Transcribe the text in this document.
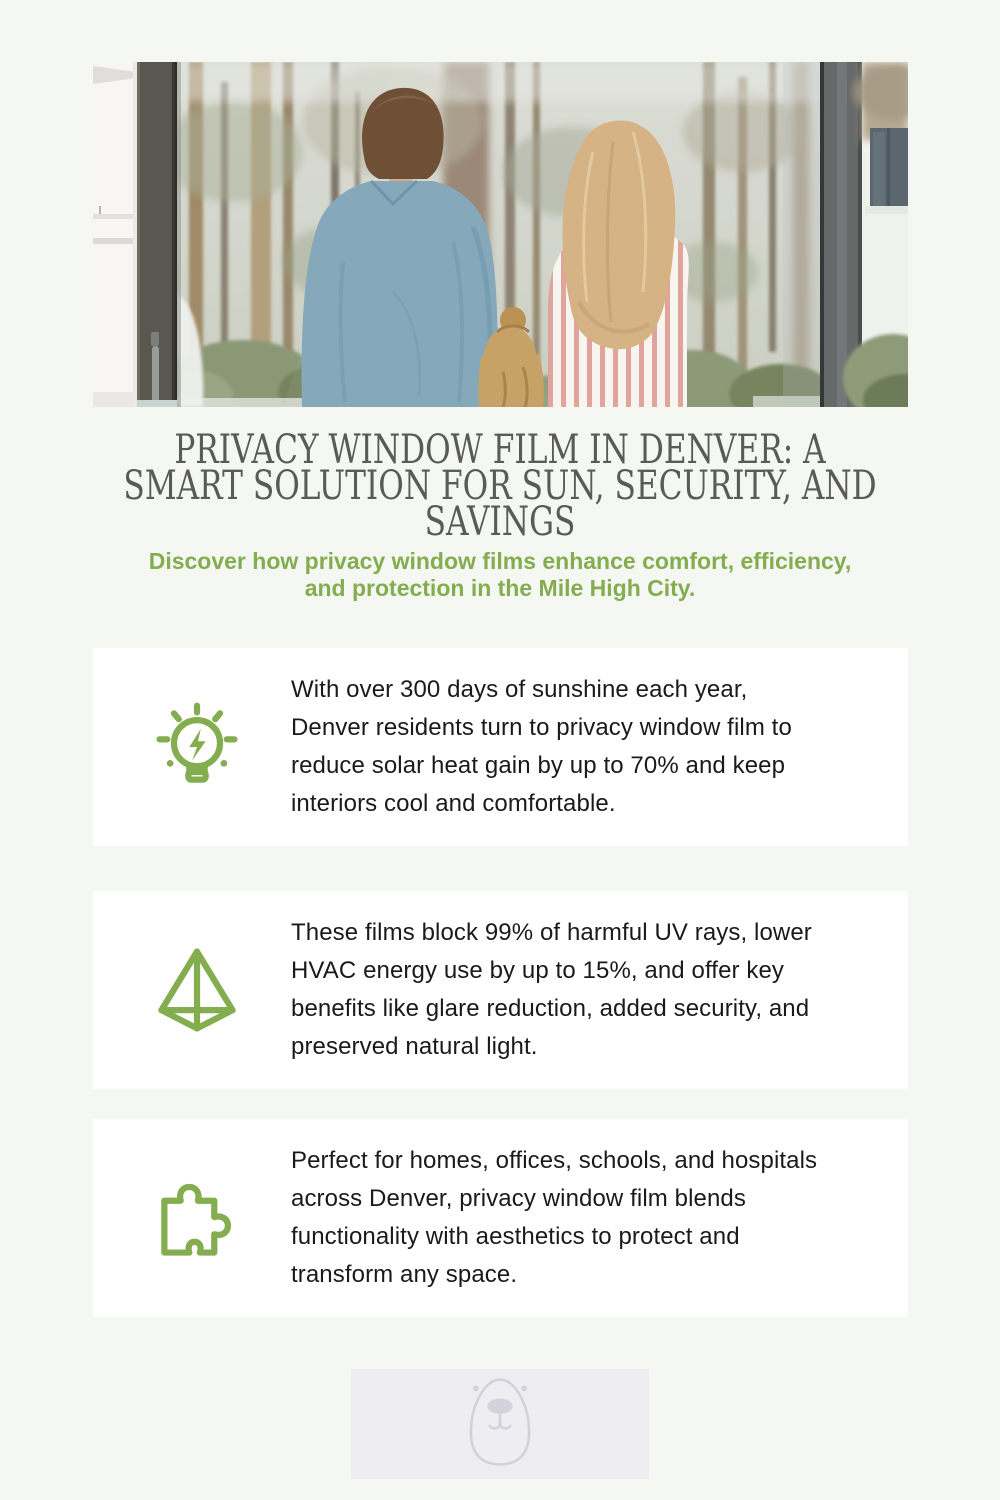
PRIVACY WINDOW FILM IN DENVER: A
SMART SOLUTION FOR SUN, SECURITY, AND
SAVINGS
Discover how privacy window films enhance comfort, efficiency,
and protection in the Mile High City.
With over 300 days of sunshine each year, Denver residents turn to privacy window film to reduce solar heat gain by up to 70% and keep interiors cool and comfortable.
These films block 99% of harmful UV rays, lower HVAC energy use by up to 15%, and offer key benefits like glare reduction, added security, and preserved natural light.
Perfect for homes, offices, schools, and hospitals across Denver, privacy window film blends functionality with aesthetics to protect and transform any space.
